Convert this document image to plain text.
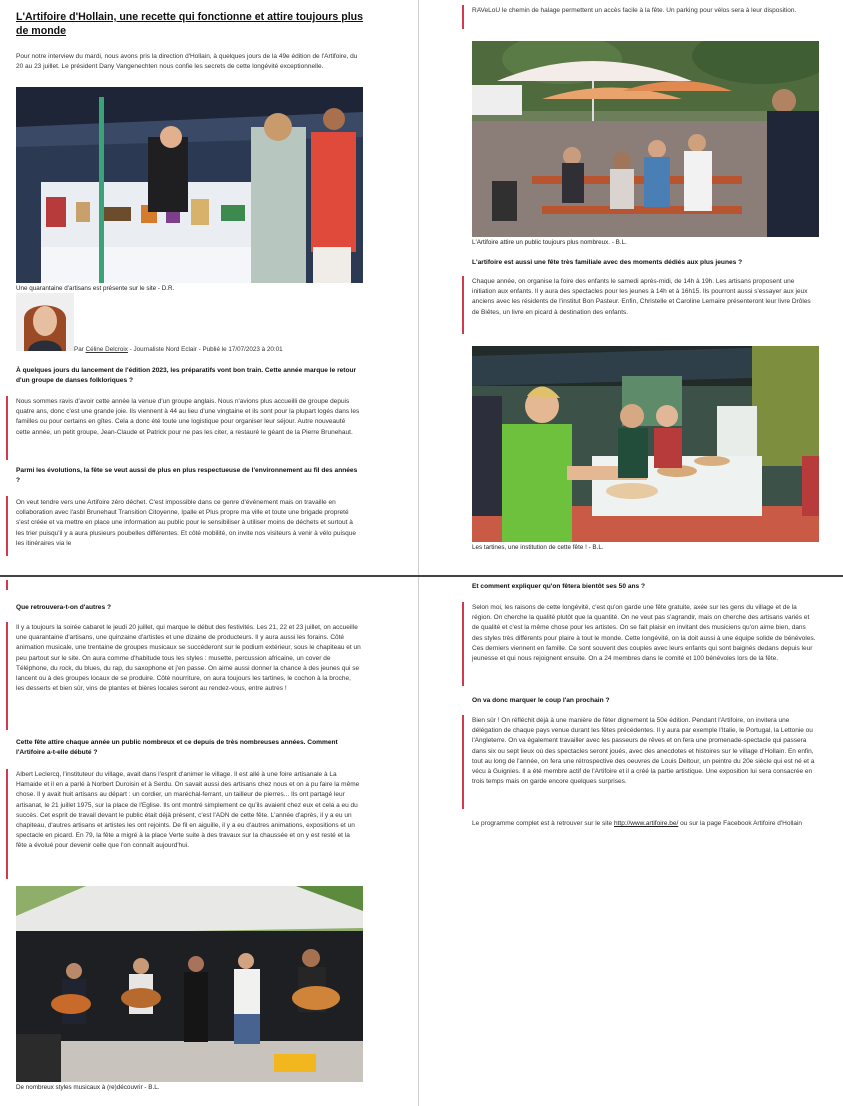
L'Artifoire d'Hollain, une recette qui fonctionne et attire toujours plus de monde

Pour notre interview du mardi, nous avons pris la direction d'Hollain, à quelques jours de la 49e édition de l'Artifoire, du 20 au 23 juillet. Le président Dany Vangenechten nous confie les secrets de cette longévité exceptionnelle.

Une quarantaine d'artisans est présente sur le site - D.R.

Par Céline Delcroix - Journaliste Nord Eclair - Publié le 17/07/2023 à 20:01

À quelques jours du lancement de l'édition 2023, les préparatifs vont bon train. Cette année marque le retour d'un groupe de danses folkloriques ?

Nous sommes ravis d'avoir cette année la venue d'un groupe anglais. Nous n'avions plus accueilli de groupe depuis quatre ans, donc c'est une grande joie. Ils viennent à 44 au lieu d'une vingtaine et ils sont pour la plupart logés dans les familles ou pour certains en gîtes. Cela a donc été toute une logistique pour organiser leur séjour. Autre nouveauté cette année, un petit groupe, Jean-Claude et Patrick pour ne pas les citer, a restauré le géant de la Pierre Brunehaut.

Parmi les évolutions, la fête se veut aussi de plus en plus respectueuse de l'environnement au fil des années ?

On veut tendre vers une Artifoire zéro déchet. C'est impossible dans ce genre d'événement mais on travaille en collaboration avec l'asbl Brunehaut Transition Citoyenne, Ipalle et Plus propre ma ville et toute une brigade propreté s'est créée et va mettre en place une information au public pour le sensibiliser à utiliser moins de déchets et surtout à les trier puisqu'il y a aura plusieurs poubelles différentes. Et côté mobilité, on invite nos visiteurs à venir à vélo puisque les itinéraires via le

RAVeLoU le chemin de halage permettent un accès facile à la fête. Un parking pour vélos sera à leur disposition.

L'Artifoire attire un public toujours plus nombreux. - B.L.

L'artifoire est aussi une fête très familiale avec des moments dédiés aux plus jeunes ?

Chaque année, on organise la foire des enfants le samedi après-midi, de 14h à 19h. Les artisans proposent une initiation aux enfants. Il y aura des spectacles pour les jeunes à 14h et à 16h15. Ils pourront aussi s'essayer aux jeux anciens avec les résidents de l'institut Bon Pasteur. Enfin, Christelle et Caroline Lemaire présenteront leur livre Drôles de Biêtes, un livre en picard à destination des enfants.

Les tartines, une institution de cette fête ! - B.L.

Que retrouvera-t-on d'autres ?

Il y a toujours la soirée cabaret le jeudi 20 juillet, qui marque le début des festivités. Les 21, 22 et 23 juillet, on accueille une quarantaine d'artisans, une quinzaine d'artistes et une dizaine de producteurs. Il y aura aussi les forains. Côté animation musicale, une trentaine de groupes musicaux se succéderont sur le podium extérieur, sous le chapiteau et un peu partout sur le site. On aura comme d'habitude tous les styles : musette, percussion africaine, un cover de Téléphone, du rock, du blues, du rap, du saxophone et j'en passe. On aime aussi donner la chance à des jeunes qui se lancent ou à des groupes locaux de se produire. Côté nourriture, on aura toujours les tartines, le cochon à la broche, les desserts et bien sûr, vins de plantes et bières locales seront au rendez-vous, entre autres !

Cette fête attire chaque année un public nombreux et ce depuis de très nombreuses années. Comment l'Artifoire a-t-elle débuté ?

Albert Leclercq, l'instituteur du village, avait dans l'esprit d'animer le village. Il est allé à une foire artisanale à La Hamaide et il en a parlé à Norbert Duroisin et à Serdu. On savait aussi des artisans chez nous et on a pu faire la même chose. Il y avait huit artisans au départ : un cordier, un maréchal-ferrant, un tailleur de pierres... Ils ont partagé leur artisanat, le 21 juillet 1975, sur la place de l'Eglise. Ils ont montré simplement ce qu'ils avaient chez eux et cela a eu du succès. Cet esprit de travail devant le public était déjà présent, c'est l'ADN de cette fête. L'année d'après, il y a eu un chapiteau, d'autres artisans et artistes les ont rejoints. De fil en aiguille, il y a eu d'autres animations, expositions et un spectacle en picard. En 79, la fête a migré à la place Verte suite à des travaux sur la chaussée et on y est resté et la fête a évolué pour devenir celle que l'on connaît aujourd'hui.

De nombreux styles musicaux à (re)découvrir - B.L.

Et comment expliquer qu'on fêtera bientôt ses 50 ans ?

Selon moi, les raisons de cette longévité, c'est qu'on garde une fête gratuite, axée sur les gens du village et de la région. On cherche la qualité plutôt que la quantité. On ne veut pas s'agrandir, mais on cherche des artisans variés et de qualité et c'est la même chose pour les artistes. On se fait plaisir en invitant des musiciens qu'on aime bien, dans des styles très différents pour plaire à tout le monde. Cette longévité, on la doit aussi à une équipe solide de bénévoles. Ces derniers viennent en famille. Ce sont souvent des couples avec leurs enfants qui sont baignés dedans depuis leur jeunesse et qui nous rejoignent ensuite. On a 24 membres dans le comité et 100 bénévoles lors de la fête.

On va donc marquer le coup l'an prochain ?

Bien sûr ! On réfléchit déjà à une manière de fêter dignement la 50e édition. Pendant l'Artifoire, on invitera une délégation de chaque pays venue durant les fêtes précédentes. Il y aura par exemple l'Italie, le Portugal, la Lettonie ou l'Angleterre. On va également travailler avec les passeurs de rêves et on fera une promenade-spectacle qui passera dans six ou sept lieux où des spectacles seront joués, avec des anecdotes et histoires sur le village d'Hollain. En enfin, tout au long de l'année, on fera une rétrospective des oeuvres de Louis Deltour, un peintre du 20e siècle qui est né et a vécu à Guignies. Il a été membre actif de l'Artifoire et il a créé la partie artistique. Une exposition lui sera consacrée en trois temps mais on garde encore quelques surprises.

Le programme complet est à retrouver sur le site http://www.artifoire.be/ ou sur la page Facebook Artifoire d'Hollain
